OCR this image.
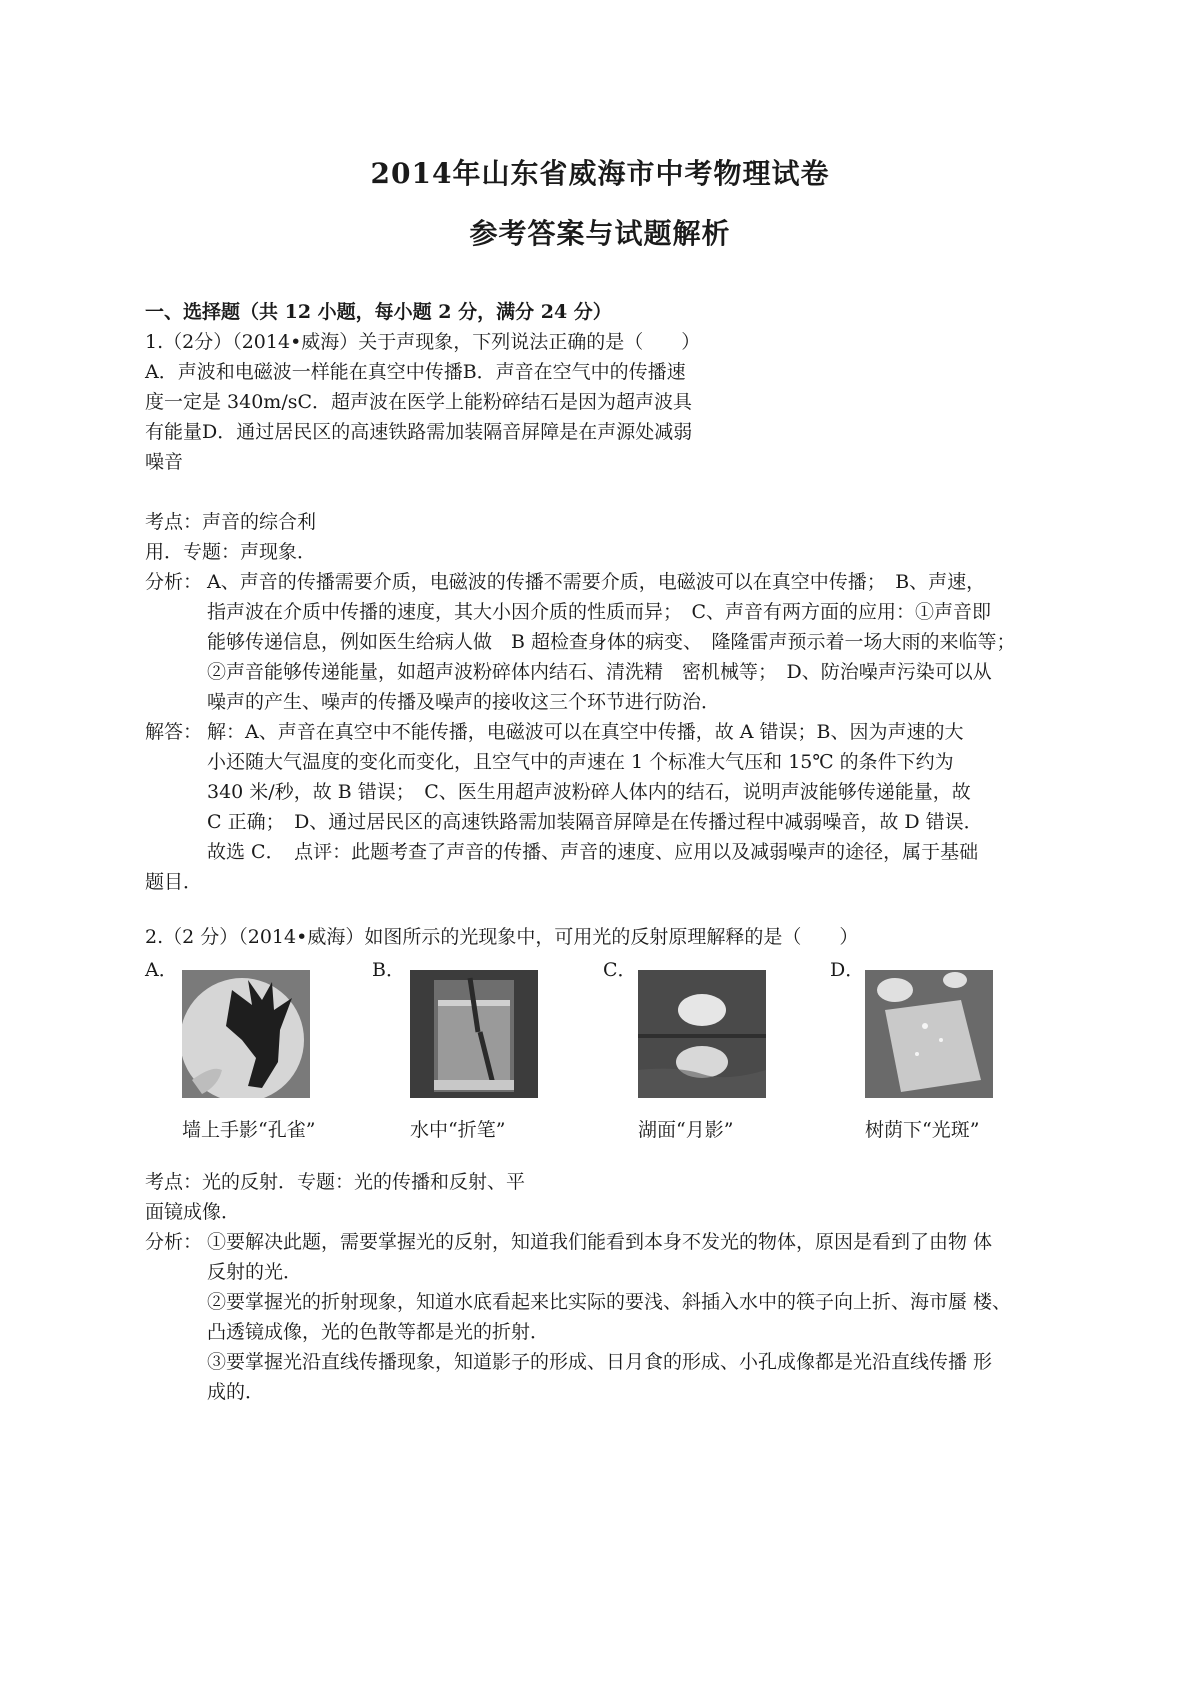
2014年山东省威海市中考物理试卷
参考答案与试题解析
一、选择题（共 12 小题，每小题 2 分，满分 24 分）
1.（2分）（2014•威海）关于声现象，下列说法正确的是（　　）
A．声波和电磁波一样能在真空中传播B．声音在空气中的传播速
度一定是 340m/sC．超声波在医学上能粉碎结石是因为超声波具
有能量D．通过居民区的高速铁路需加装隔音屏障是在声源处减弱
噪音
考点：声音的综合利
用．专题：声现象．
分析： A、声音的传播需要介质，电磁波的传播不需要介质，电磁波可以在真空中传播；　B、声速，
指声波在介质中传播的速度，其大小因介质的性质而异；　C、声音有两方面的应用：①声音即
能够传递信息，例如医生给病人做　B 超检查身体的病变、　隆隆雷声预示着一场大雨的来临等；
②声音能够传递能量，如超声波粉碎体内结石、清洗精　密机械等；　D、防治噪声污染可以从
噪声的产生、噪声的传播及噪声的接收这三个环节进行防治．
解答： 解：A、声音在真空中不能传播，电磁波可以在真空中传播，故 A 错误；B、因为声速的大
小还随大气温度的变化而变化，且空气中的声速在 1 个标准大气压和 15℃ 的条件下约为
340 米/秒，故 B 错误；　C、医生用超声波粉碎人体内的结石，说明声波能够传递能量，故
C 正确；　D、通过居民区的高速铁路需加装隔音屏障是在传播过程中减弱噪音，故 D 错误．
故选 C．　点评：此题考查了声音的传播、声音的速度、应用以及减弱噪声的途径，属于基础
题目．
2.（2 分）（2014•威海）如图所示的光现象中，可用光的反射原理解释的是（　　）
A．	B．	C．	D．
墙上手影“孔雀”	水中“折笔”	湖面“月影”	树荫下“光斑”
考点：光的反射．专题：光的传播和反射、平
面镜成像．
分析： ①要解决此题，需要掌握光的反射，知道我们能看到本身不发光的物体，原因是看到了由物 体
反射的光．
②要掌握光的折射现象，知道水底看起来比实际的要浅、斜插入水中的筷子向上折、海市蜃 楼、
凸透镜成像，光的色散等都是光的折射．
③要掌握光沿直线传播现象，知道影子的形成、日月食的形成、小孔成像都是光沿直线传播 形
成的．
